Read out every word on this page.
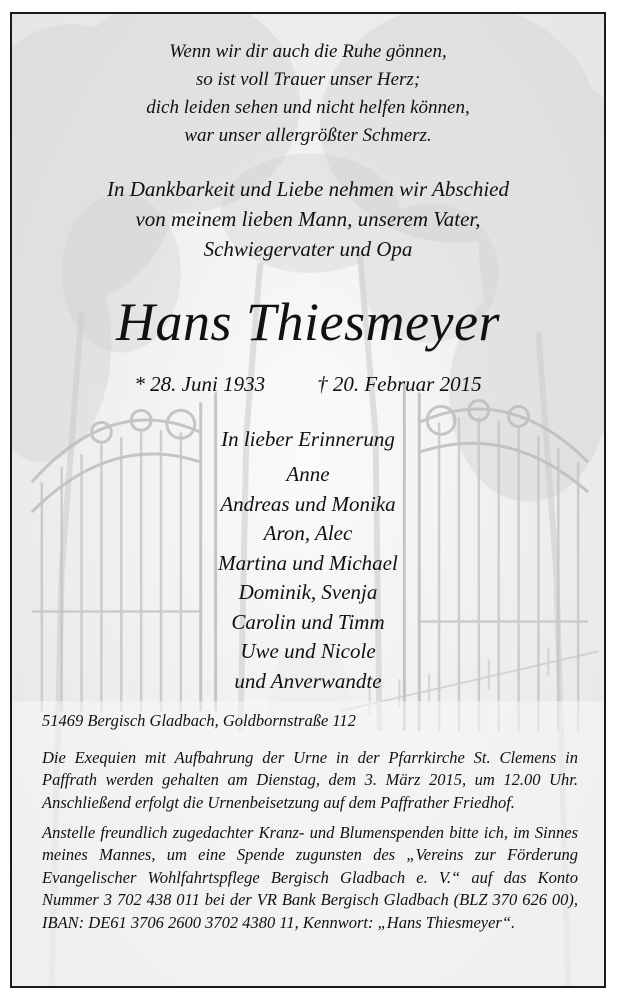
Wenn wir dir auch die Ruhe gönnen,
so ist voll Trauer unser Herz;
dich leiden sehen und nicht helfen können,
war unser allergrößter Schmerz.
In Dankbarkeit und Liebe nehmen wir Abschied
von meinem lieben Mann, unserem Vater,
Schwiegervater und Opa
Hans Thiesmeyer
* 28. Juni 1933 † 20. Februar 2015
In lieber Erinnerung
Anne
Andreas und Monika
Aron, Alec
Martina und Michael
Dominik, Svenja
Carolin und Timm
Uwe und Nicole
und Anverwandte
51469 Bergisch Gladbach, Goldbornstraße 112
Die Exequien mit Aufbahrung der Urne in der Pfarrkirche St. Clemens in Paffrath werden gehalten am Dienstag, dem 3. März 2015, um 12.00 Uhr. Anschließend erfolgt die Urnenbeisetzung auf dem Paffrather Friedhof.
Anstelle freundlich zugedachter Kranz- und Blumenspenden bitte ich, im Sinnes meines Mannes, um eine Spende zugunsten des „Vereins zur Förderung Evangelischer Wohlfahrtspflege Bergisch Gladbach e. V.“ auf das Konto Nummer 3 702 438 011 bei der VR Bank Bergisch Gladbach (BLZ 370 626 00), IBAN: DE61 3706 2600 3702 4380 11, Kennwort: „Hans Thiesmeyer“.
